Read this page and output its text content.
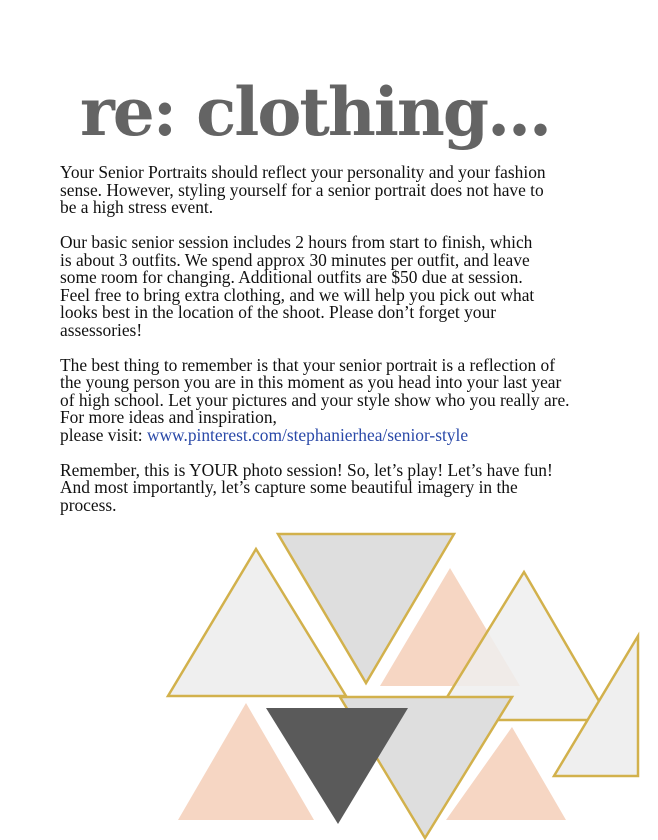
re: clothing...

Your Senior Portraits should reflect your personality and your fashion
sense. However, styling yourself for a senior portrait does not have to
be a high stress event.

Our basic senior session includes 2 hours from start to finish, which
is about 3 outfits. We spend approx 30 minutes per outfit, and leave
some room for changing. Additional outfits are $50 due at session.
Feel free to bring extra clothing, and we will help you pick out what
looks best in the location of the shoot. Please don’t forget your
assessories!

The best thing to remember is that your senior portrait is a reflection of
the young person you are in this moment as you head into your last year
of high school. Let your pictures and your style show who you really are.
For more ideas and inspiration,
please visit: www.pinterest.com/stephanierhea/senior-style

Remember, this is YOUR photo session! So, let’s play! Let’s have fun!
And most importantly, let’s capture some beautiful imagery in the
process.
